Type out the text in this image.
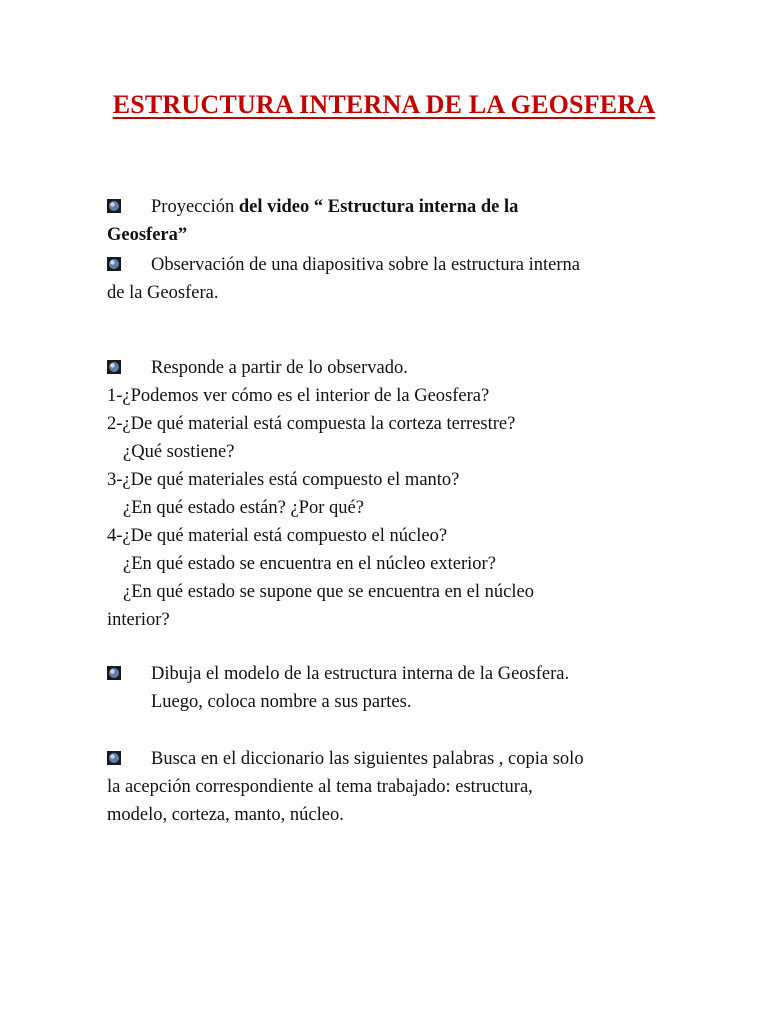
ESTRUCTURA INTERNA DE LA GEOSFERA
Proyección del video “ Estructura interna de la
Geosfera”
Observación de una diapositiva sobre la estructura interna
de la Geosfera.
Responde a partir de lo observado.
1-¿Podemos ver cómo es el interior de la Geosfera?
2-¿De qué material está compuesta la corteza terrestre?
¿Qué sostiene?
3-¿De qué materiales está compuesto el manto?
¿En qué estado están? ¿Por qué?
4-¿De qué material está compuesto el núcleo?
¿En qué estado se encuentra en el núcleo exterior?
¿En qué estado se supone que se encuentra en el núcleo
interior?
Dibuja el modelo de la estructura interna de la Geosfera.
Luego, coloca nombre a sus partes.
Busca en el diccionario las siguientes palabras , copia solo
la acepción correspondiente al tema trabajado: estructura,
modelo, corteza, manto, núcleo.
